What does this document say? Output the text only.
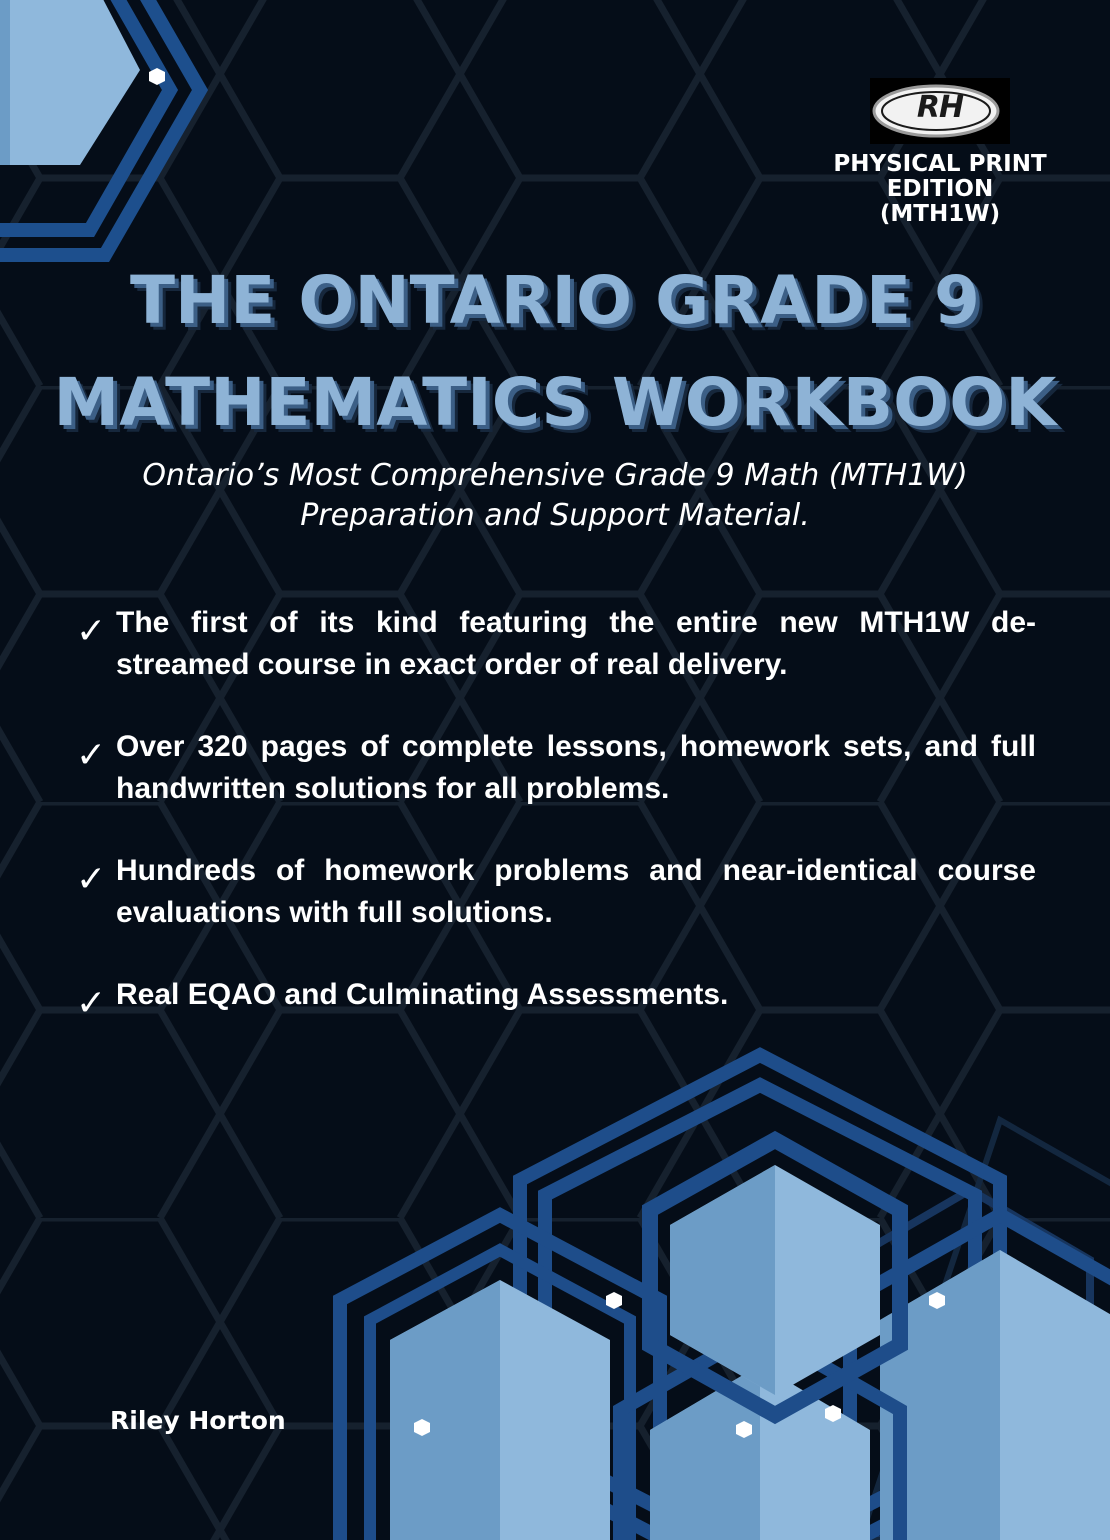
RH
PHYSICAL PRINT
EDITION
(MTH1W)
THE ONTARIO GRADE 9
MATHEMATICS WORKBOOK
Ontario’s Most Comprehensive Grade 9 Math (MTH1W)
Preparation and Support Material.
✓ The first of its kind featuring the entire new MTH1W de-streamed course in exact order of real delivery.
✓ Over 320 pages of complete lessons, homework sets, and full handwritten solutions for all problems.
✓ Hundreds of homework problems and near-identical course evaluations with full solutions.
✓ Real EQAO and Culminating Assessments.
Riley Horton
